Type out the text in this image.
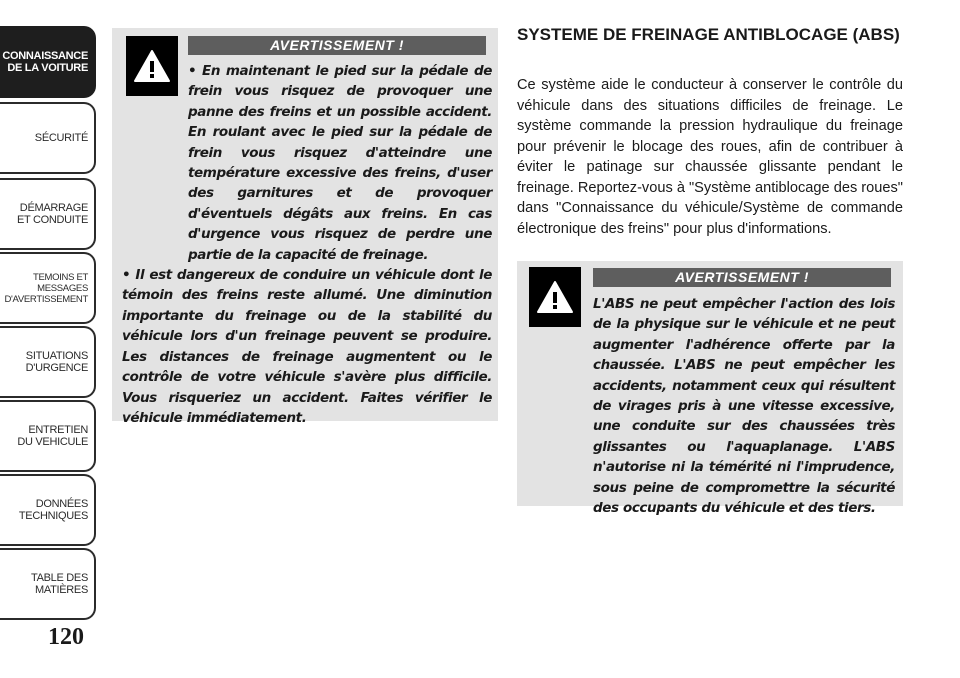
CONNAISSANCE
DE LA VOITURE
SÉCURITÉ
DÉMARRAGE
ET CONDUITE
TEMOINS ET
MESSAGES
D'AVERTISSEMENT
SITUATIONS
D'URGENCE
ENTRETIEN
DU VEHICULE
DONNÉES
TECHNIQUES
TABLE DES
MATIÈRES
120
AVERTISSEMENT !

• En maintenant le pied sur la pédale de frein vous risquez de provoquer une panne des freins et un possible accident. En roulant avec le pied sur la pédale de frein vous risquez d'atteindre une température excessive des freins, d'user des garnitures et de provoquer d'éventuels dégâts aux freins. En cas d'urgence vous risquez de perdre une partie de la capacité de freinage.

• Il est dangereux de conduire un véhicule dont le témoin des freins reste allumé. Une diminution importante du freinage ou de la stabilité du véhicule lors d'un freinage peuvent se produire. Les distances de freinage augmentent ou le contrôle de votre véhicule s'avère plus difficile. Vous risqueriez un accident. Faites vérifier le véhicule immédiatement.

SYSTEME DE FREINAGE ANTIBLOCAGE (ABS)

Ce système aide le conducteur à conserver le contrôle du véhicule dans des situations difficiles de freinage. Le système commande la pression hydraulique du freinage pour prévenir le blocage des roues, afin de contribuer à éviter le patinage sur chaussée glissante pendant le freinage. Reportez-vous à "Système antiblocage des roues" dans "Connaissance du véhicule/Système de commande électronique des freins" pour plus d'informations.

AVERTISSEMENT !

L'ABS ne peut empêcher l'action des lois de la physique sur le véhicule et ne peut augmenter l'adhérence offerte par la chaussée. L'ABS ne peut empêcher les accidents, notamment ceux qui résultent de virages pris à une vitesse excessive, une conduite sur des chaussées très glissantes ou l'aquaplanage. L'ABS n'autorise ni la témérité ni l'imprudence, sous peine de compromettre la sécurité des occupants du véhicule et des tiers.
